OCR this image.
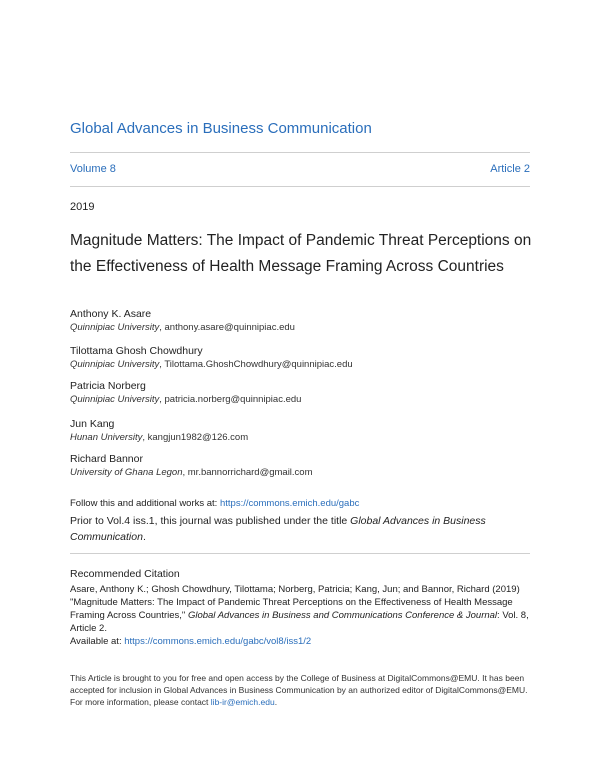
Global Advances in Business Communication
Volume 8	Article 2
2019
Magnitude Matters: The Impact of Pandemic Threat Perceptions on the Effectiveness of Health Message Framing Across Countries
Anthony K. Asare
Quinnipiac University, anthony.asare@quinnipiac.edu
Tilottama Ghosh Chowdhury
Quinnipiac University, Tilottama.GhoshChowdhury@quinnipiac.edu
Patricia Norberg
Quinnipiac University, patricia.norberg@quinnipiac.edu
Jun Kang
Hunan University, kangjun1982@126.com
Richard Bannor
University of Ghana Legon, mr.bannorrichard@gmail.com
Follow this and additional works at: https://commons.emich.edu/gabc
Prior to Vol.4 iss.1, this journal was published under the title Global Advances in Business Communication.
Recommended Citation
Asare, Anthony K.; Ghosh Chowdhury, Tilottama; Norberg, Patricia; Kang, Jun; and Bannor, Richard (2019) "Magnitude Matters: The Impact of Pandemic Threat Perceptions on the Effectiveness of Health Message Framing Across Countries," Global Advances in Business and Communications Conference & Journal: Vol. 8, Article 2.
Available at: https://commons.emich.edu/gabc/vol8/iss1/2
This Article is brought to you for free and open access by the College of Business at DigitalCommons@EMU. It has been accepted for inclusion in Global Advances in Business Communication by an authorized editor of DigitalCommons@EMU. For more information, please contact lib-ir@emich.edu.
